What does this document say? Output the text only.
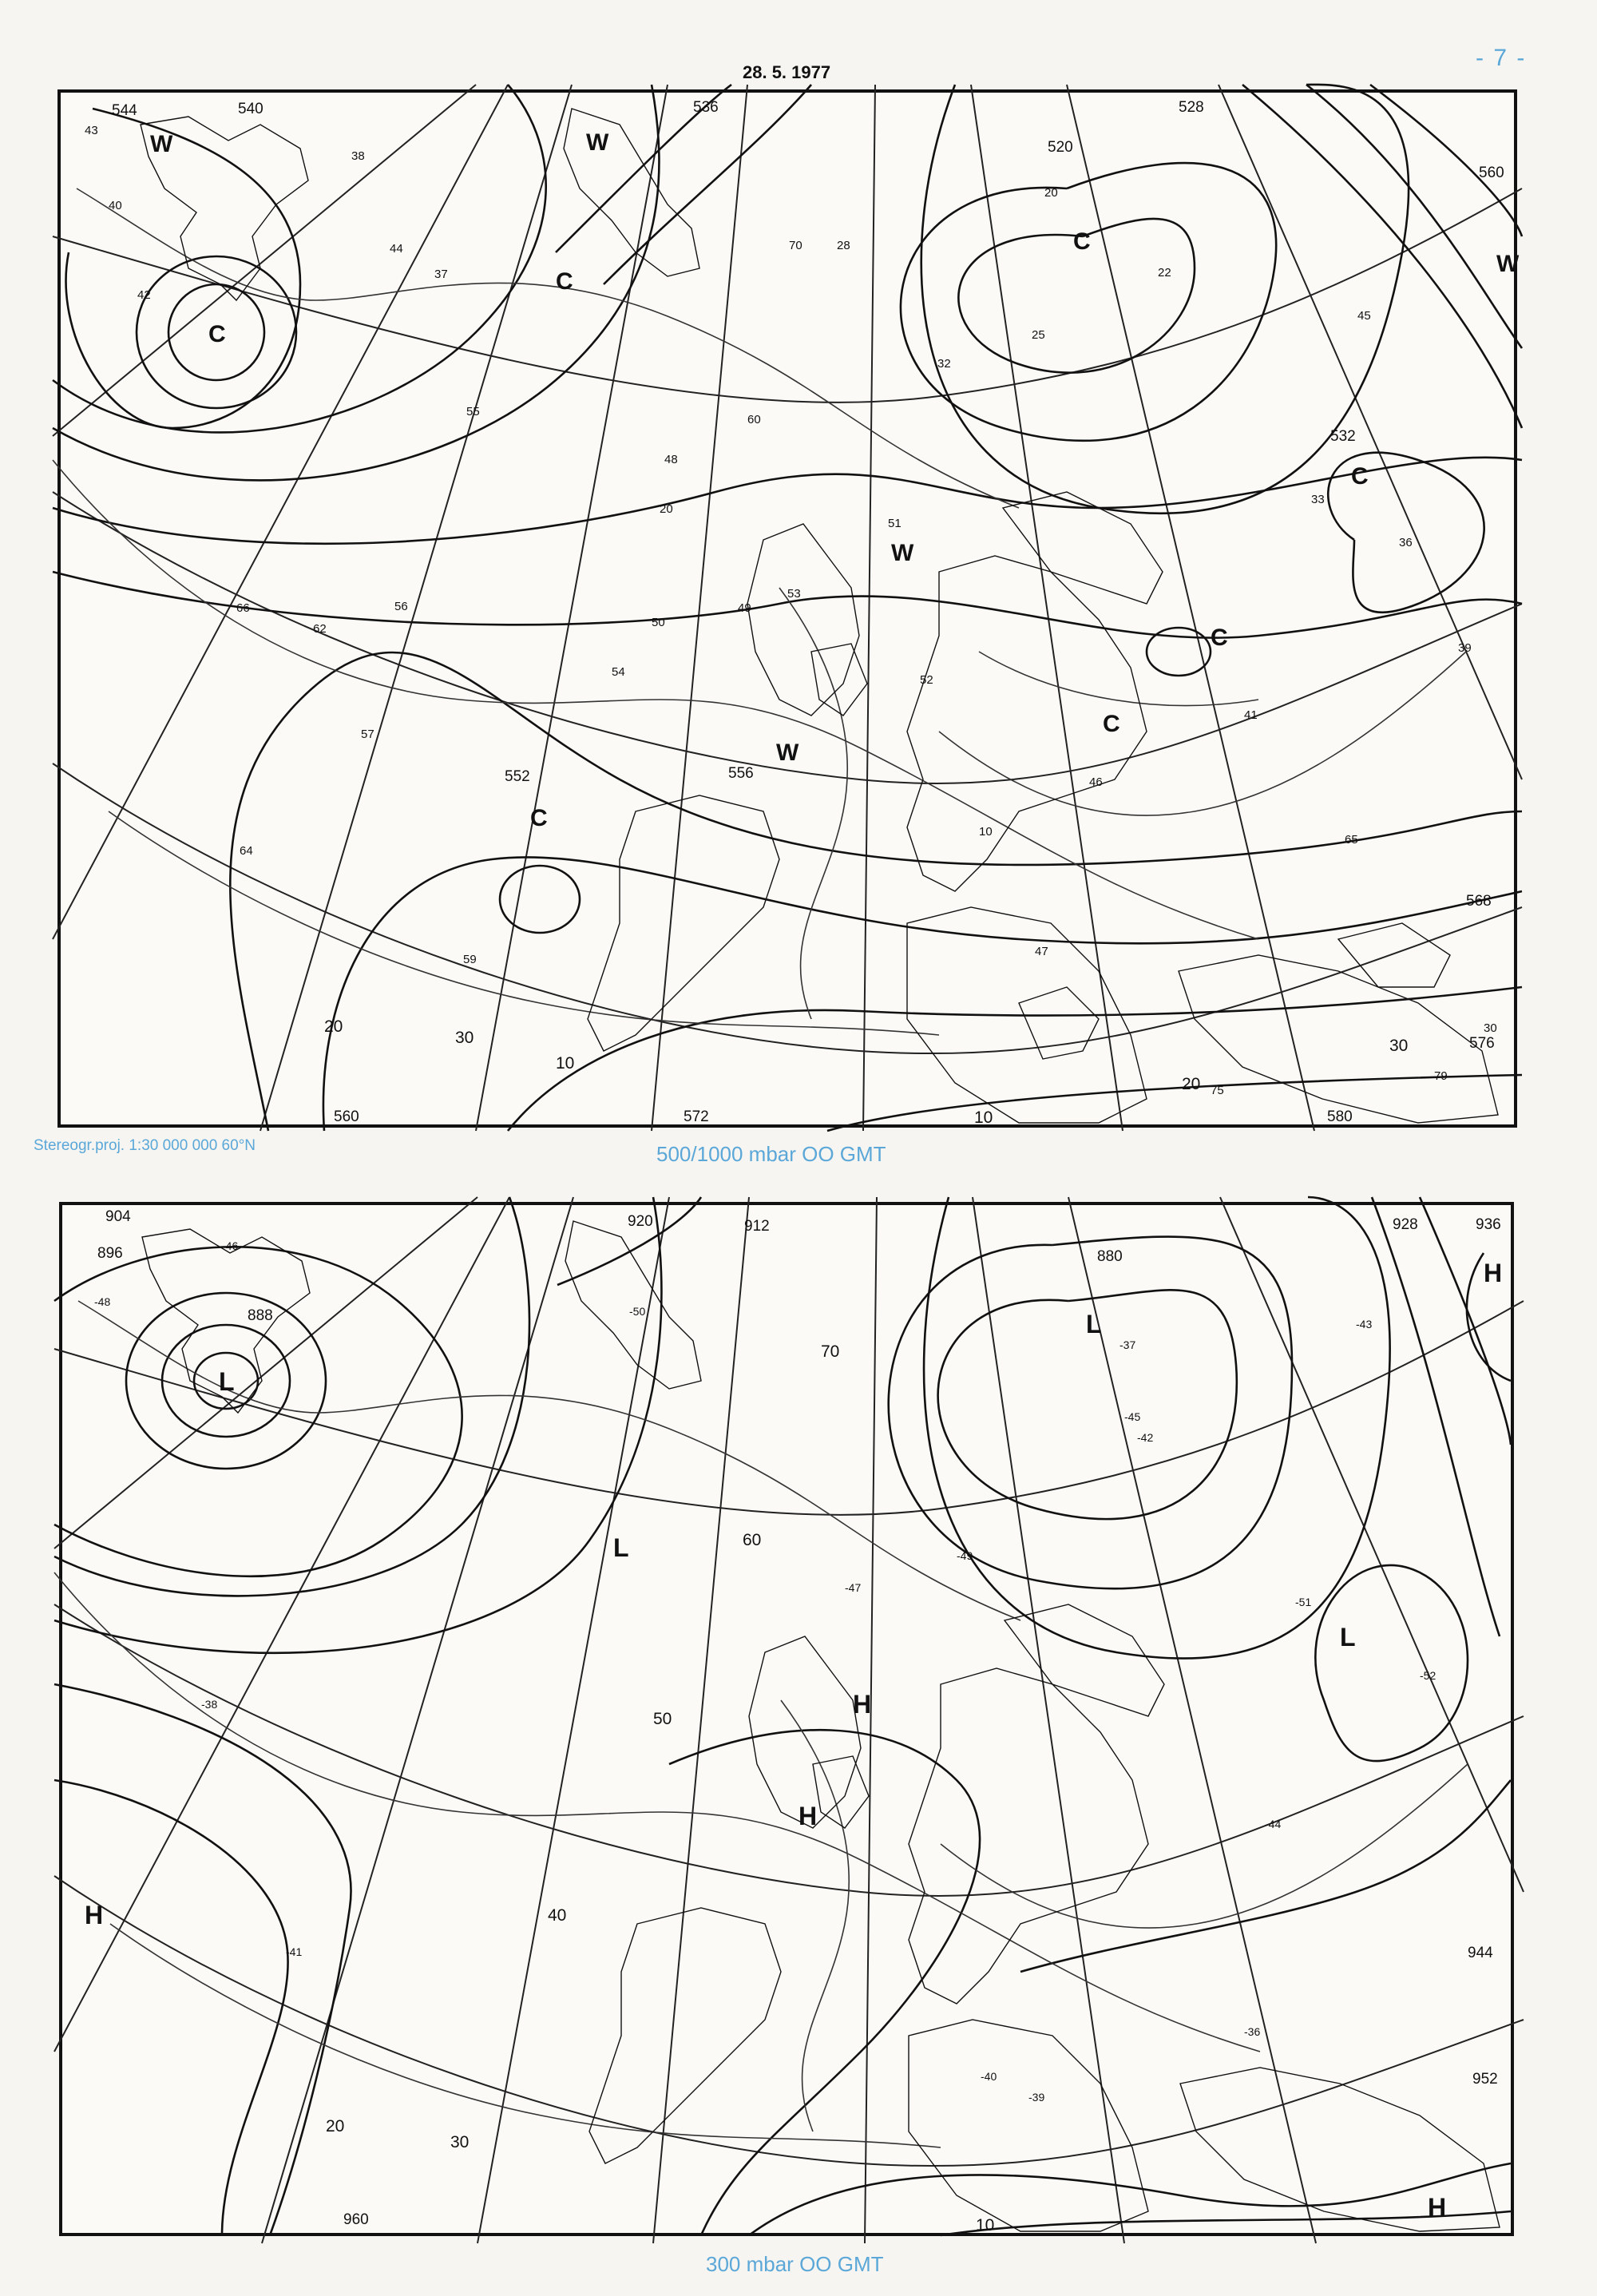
- 7 -
28. 5. 1977
544	540	536	528
520
532
552
560
556
568
572
576
580
560
W	W
C
C
C
W
W
C
C
W
C
C
43
40
42
44
37
38
55
59
56
62
66
57
64
54
50
48
60
70	28
25
20
22
32
45
51
49
53
52
46
47
39
33
36
41
65
75
79
30
10
20
10
20
30
10
20
30
Stereogr.proj. 1:30 000 000 60°N	500/1000 mbar OO GMT
904
896
912
920
888
880
928	936
944
952
960
L
L
L
L
H
H
H
H
H
-46
-48
-50
-45
-43
-40
-42
-44
-47
-49
-51
-52
-41
-38
-39
-37
-36
50
40
60
70
30
20
10
300 mbar OO GMT
